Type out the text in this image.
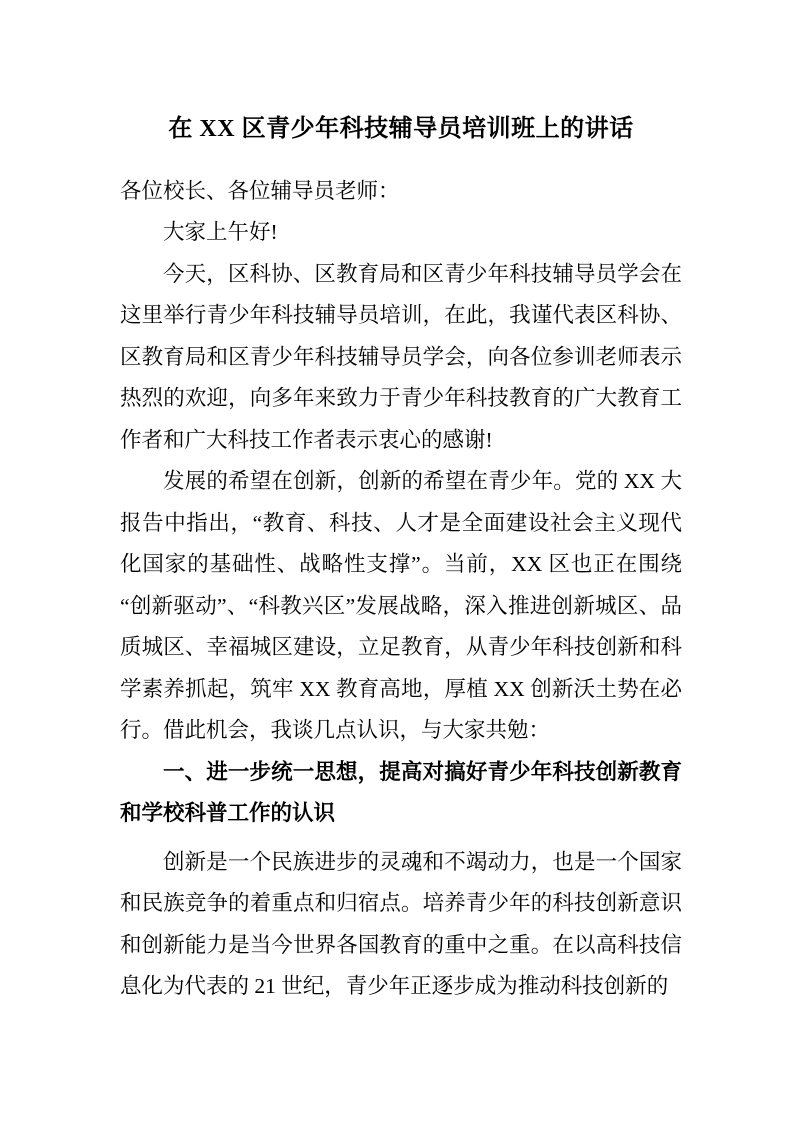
在 XX 区青少年科技辅导员培训班上的讲话

各位校长、各位辅导员老师：

大家上午好!

今天，区科协、区教育局和区青少年科技辅导员学会在这里举行青少年科技辅导员培训，在此，我谨代表区科协、区教育局和区青少年科技辅导员学会，向各位参训老师表示热烈的欢迎，向多年来致力于青少年科技教育的广大教育工作者和广大科技工作者表示衷心的感谢!

发展的希望在创新，创新的希望在青少年。党的 XX 大报告中指出，“教育、科技、人才是全面建设社会主义现代化国家的基础性、战略性支撑”。当前，XX 区也正在围绕“创新驱动”、“科教兴区”发展战略，深入推进创新城区、品质城区、幸福城区建设，立足教育，从青少年科技创新和科学素养抓起，筑牢 XX 教育高地，厚植 XX 创新沃土势在必行。借此机会，我谈几点认识，与大家共勉：

一、进一步统一思想，提高对搞好青少年科技创新教育和学校科普工作的认识

创新是一个民族进步的灵魂和不竭动力，也是一个国家和民族竞争的着重点和归宿点。培养青少年的科技创新意识和创新能力是当今世界各国教育的重中之重。在以高科技信息化为代表的 21 世纪，青少年正逐步成为推动科技创新的
